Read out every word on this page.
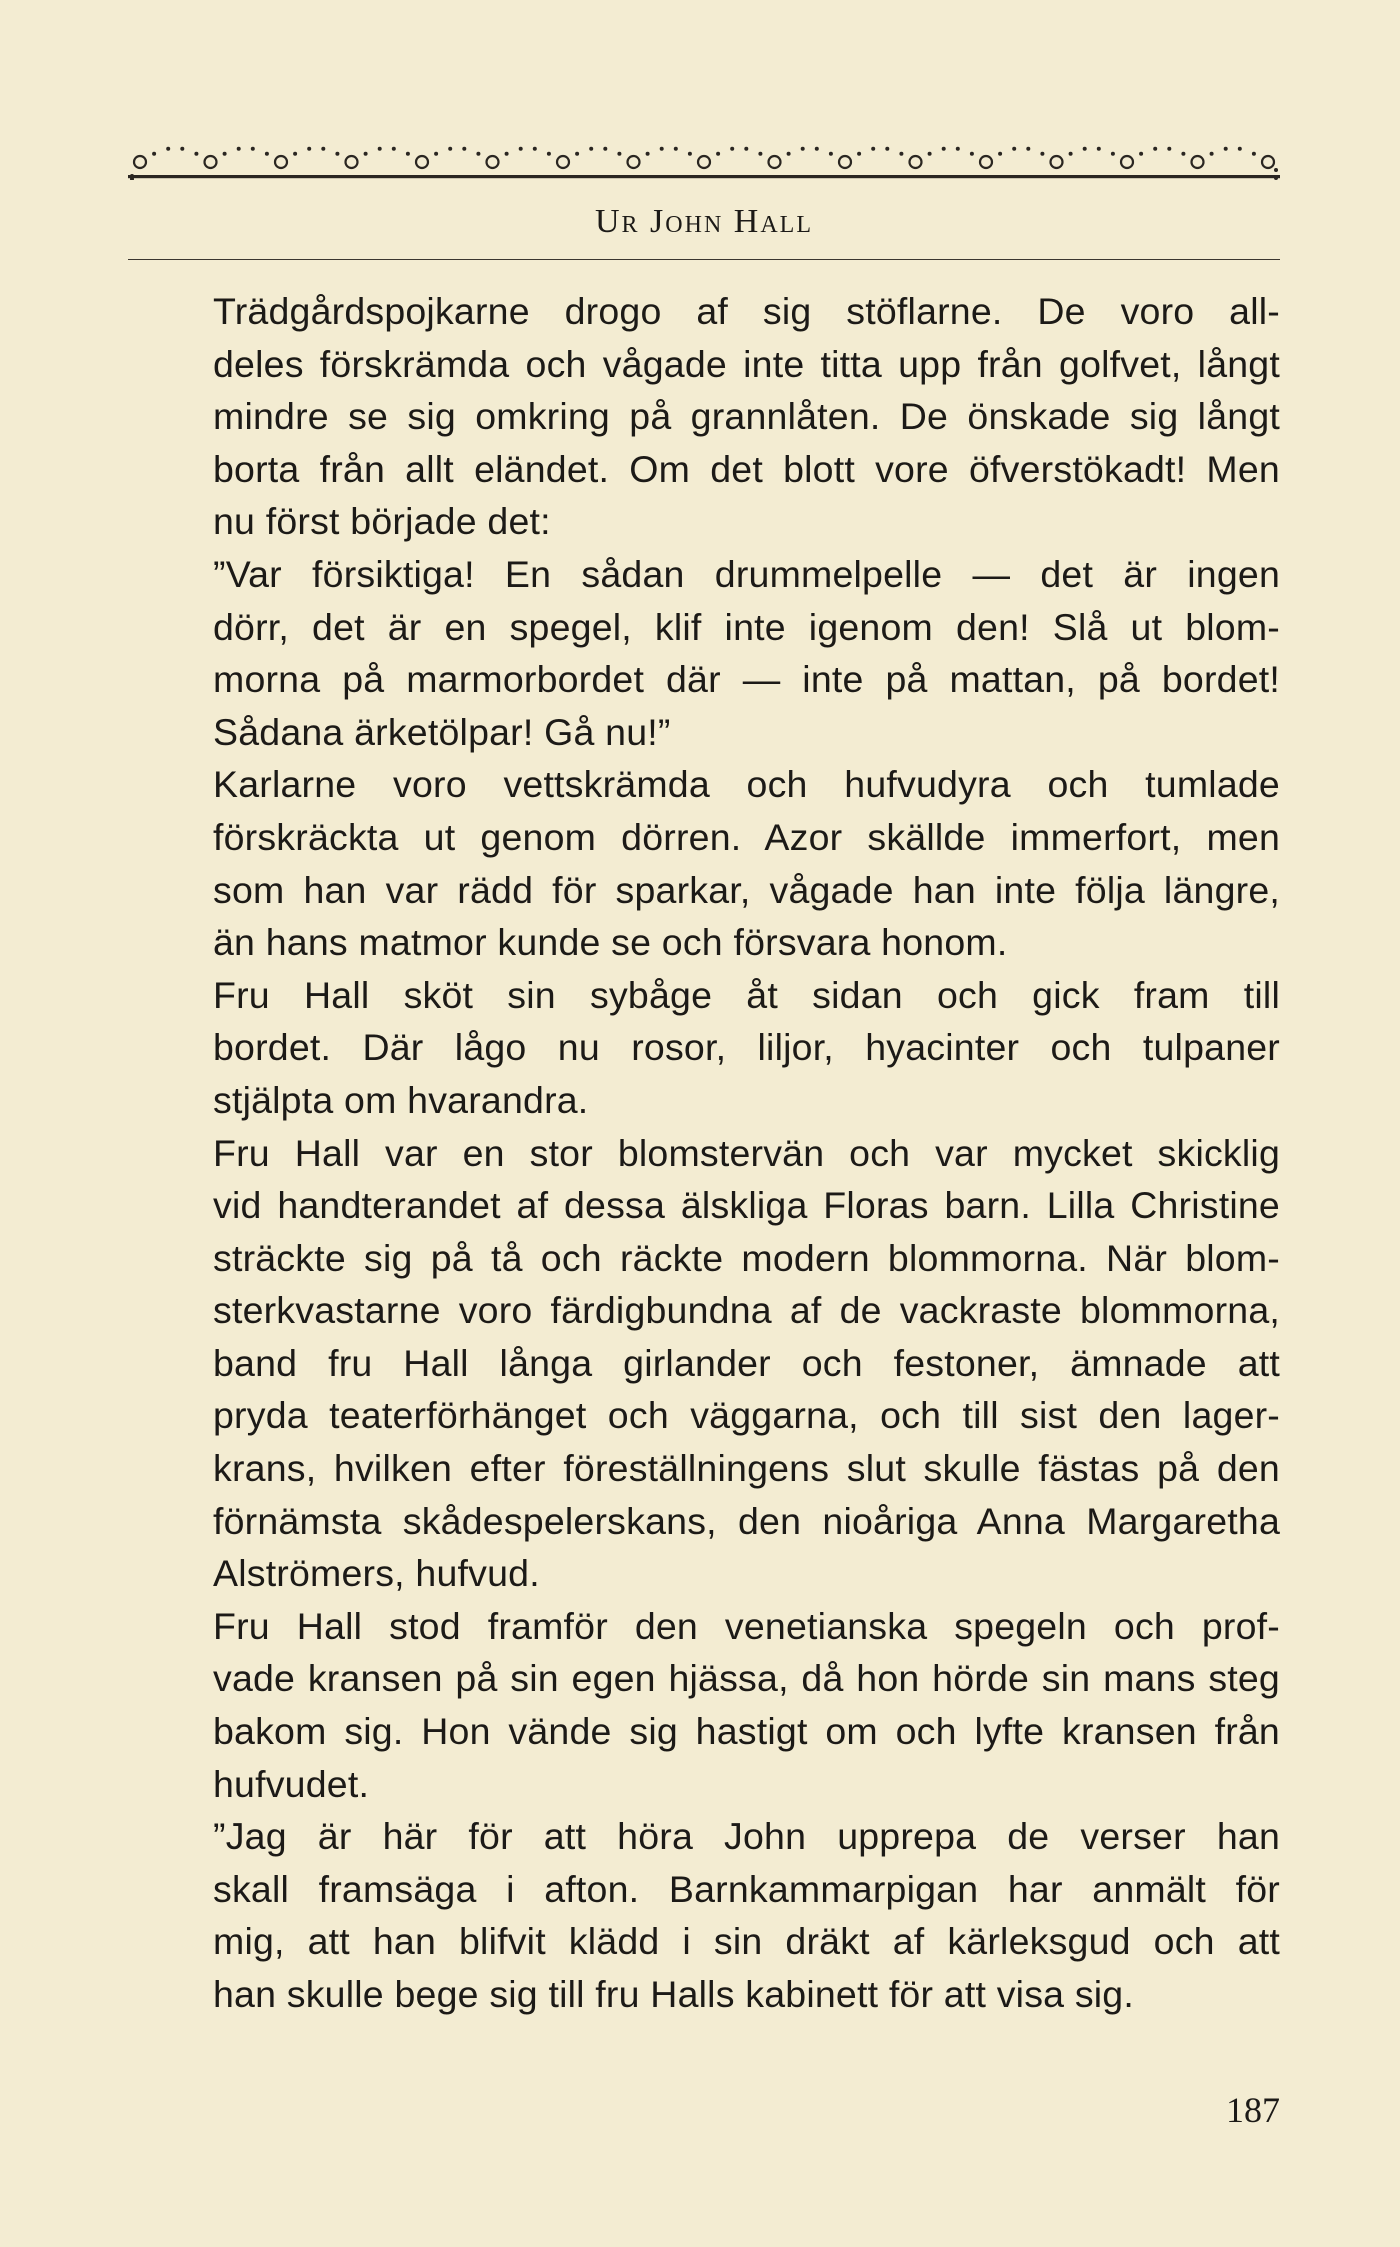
Ur John Hall

Trädgårdspojkarne drogo af sig stöflarne. De voro all-
deles förskrämda och vågade inte titta upp från golfvet, långt
mindre se sig omkring på grannlåten. De önskade sig långt
borta från allt eländet. Om det blott vore öfverstökadt! Men
nu först började det:

”Var försiktiga! En sådan drummelpelle — det är ingen
dörr, det är en spegel, klif inte igenom den! Slå ut blom-
morna på marmorbordet där — inte på mattan, på bordet!
Sådana ärketölpar! Gå nu!”

Karlarne voro vettskrämda och hufvudyra och tumlade
förskräckta ut genom dörren. Azor skällde immerfort, men
som han var rädd för sparkar, vågade han inte följa längre,
än hans matmor kunde se och försvara honom.

Fru Hall sköt sin sybåge åt sidan och gick fram till
bordet. Där lågo nu rosor, liljor, hyacinter och tulpaner
stjälpta om hvarandra.

Fru Hall var en stor blomstervän och var mycket skicklig
vid handterandet af dessa älskliga Floras barn. Lilla Christine
sträckte sig på tå och räckte modern blommorna. När blom-
sterkvastarne voro färdigbundna af de vackraste blommorna,
band fru Hall långa girlander och festoner, ämnade att
pryda teaterförhänget och väggarna, och till sist den lager-
krans, hvilken efter föreställningens slut skulle fästas på den
förnämsta skådespelerskans, den nioåriga Anna Margaretha
Alströmers, hufvud.

Fru Hall stod framför den venetianska spegeln och prof-
vade kransen på sin egen hjässa, då hon hörde sin mans steg
bakom sig. Hon vände sig hastigt om och lyfte kransen från
hufvudet.

”Jag är här för att höra John upprepa de verser han
skall framsäga i afton. Barnkammarpigan har anmält för
mig, att han blifvit klädd i sin dräkt af kärleksgud och att
han skulle bege sig till fru Halls kabinett för att visa sig.

187
